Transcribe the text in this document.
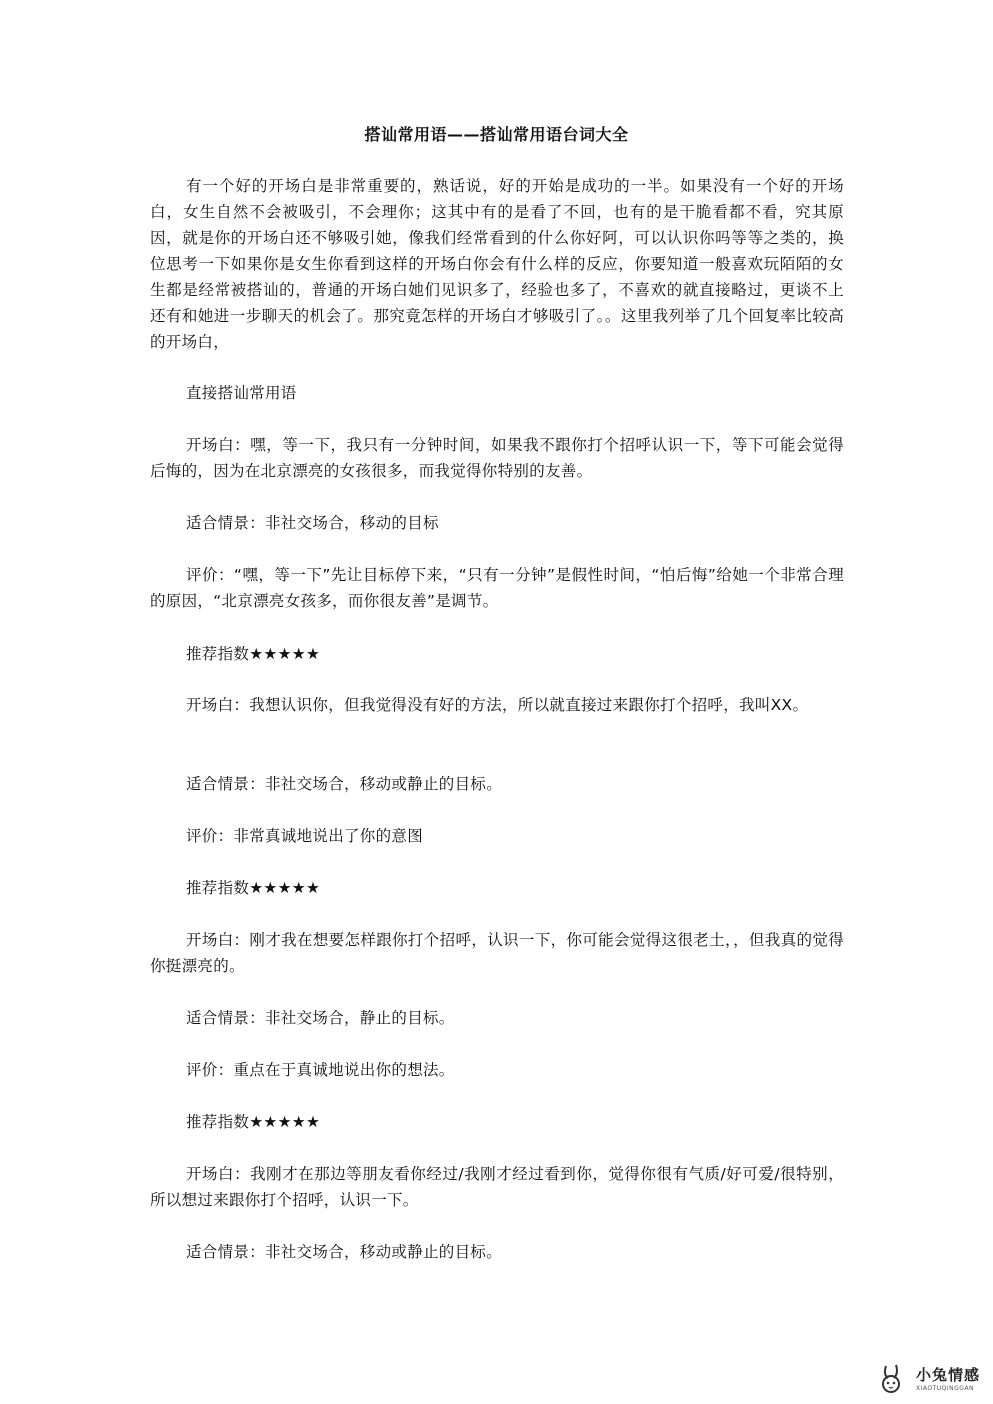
搭讪常用语——搭讪常用语台词大全

有一个好的开场白是非常重要的，熟话说，好的开始是成功的一半。如果没有一个好的开场白，女生自然不会被吸引，不会理你；这其中有的是看了不回，也有的是干脆看都不看，究其原因，就是你的开场白还不够吸引她，像我们经常看到的什么你好阿，可以认识你吗等等之类的，换位思考一下如果你是女生你看到这样的开场白你会有什么样的反应，你要知道一般喜欢玩陌陌的女生都是经常被搭讪的，普通的开场白她们见识多了，经验也多了，不喜欢的就直接略过，更谈不上还有和她进一步聊天的机会了。那究竟怎样的开场白才够吸引了。。这里我列举了几个回复率比较高的开场白，

直接搭讪常用语

开场白：嘿，等一下，我只有一分钟时间，如果我不跟你打个招呼认识一下，等下可能会觉得后悔的，因为在北京漂亮的女孩很多，而我觉得你特别的友善。

适合情景：非社交场合，移动的目标

评价：“嘿，等一下”先让目标停下来，“只有一分钟”是假性时间，“怕后悔”给她一个非常合理的原因，“北京漂亮女孩多，而你很友善”是调节。

推荐指数★★★★★

开场白：我想认识你，但我觉得没有好的方法，所以就直接过来跟你打个招呼，我叫XX。

适合情景：非社交场合，移动或静止的目标。

评价：非常真诚地说出了你的意图

推荐指数★★★★★

开场白：刚才我在想要怎样跟你打个招呼，认识一下，你可能会觉得这很老土，，但我真的觉得你挺漂亮的。

适合情景：非社交场合，静止的目标。

评价：重点在于真诚地说出你的想法。

推荐指数★★★★★

开场白：我刚才在那边等朋友看你经过/我刚才经过看到你，觉得你很有气质/好可爱/很特别，所以想过来跟你打个招呼，认识一下。

适合情景：非社交场合，移动或静止的目标。

小兔情感
XIAOTUQINGGAN
